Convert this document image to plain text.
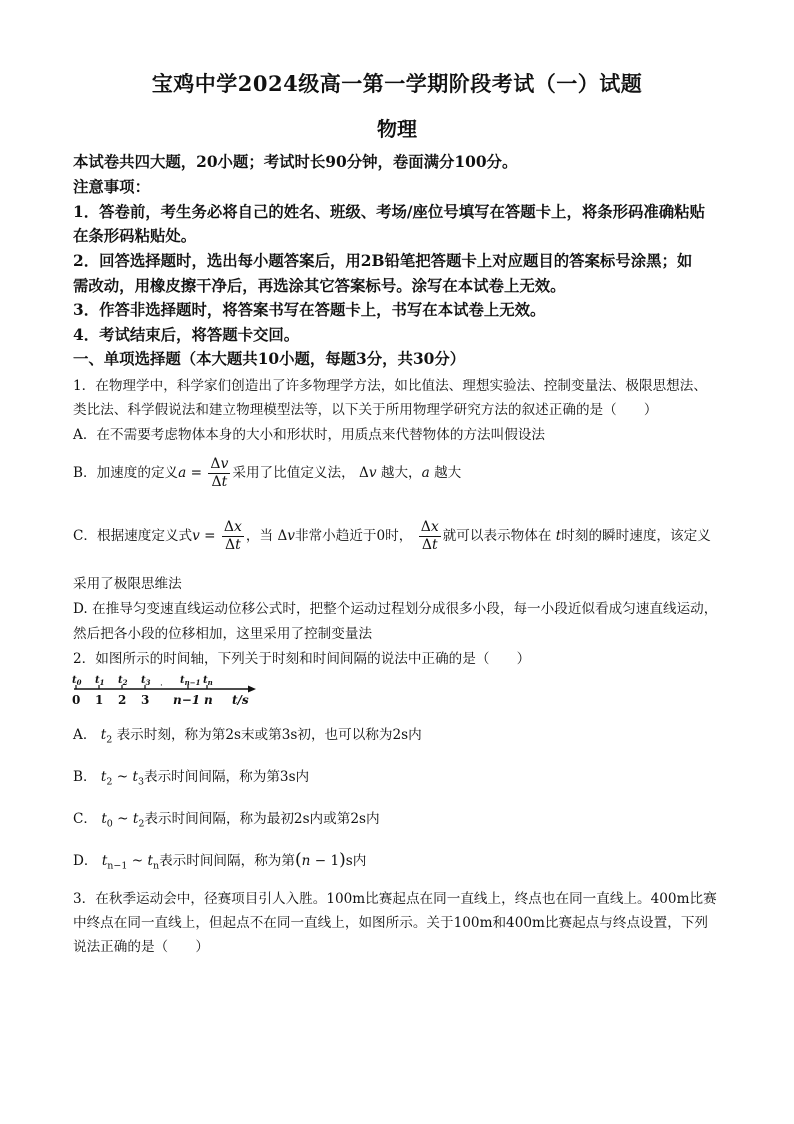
宝鸡中学2024级高一第一学期阶段考试（一）试题
物理
本试卷共四大题，20小题；考试时长90分钟，卷面满分100分。
注意事项：
1．答卷前，考生务必将自己的姓名、班级、考场/座位号填写在答题卡上，将条形码准确粘贴
在条形码粘贴处。
2．回答选择题时，选出每小题答案后，用2B铅笔把答题卡上对应题目的答案标号涂黑；如
需改动，用橡皮擦干净后，再选涂其它答案标号。涂写在本试卷上无效。
3．作答非选择题时，将答案书写在答题卡上，书写在本试卷上无效。
4．考试结束后，将答题卡交回。
一、单项选择题（本大题共10小题，每题3分，共30分）
1．在物理学中，科学家们创造出了许多物理学方法，如比值法、理想实验法、控制变量法、极限思想法、
类比法、科学假说法和建立物理模型法等，以下关于所用物理学研究方法的叙述正确的是（　　）
A．在不需要考虑物体本身的大小和形状时，用质点来代替物体的方法叫假设法
B．加速度的定义$a = \frac{\Delta v}{\Delta t}$ 采用了比值定义法， Δv 越大，a 越大
C．根据速度定义式$v = \frac{\Delta x}{\Delta t}$ ，当 Δv非常小趋近于0时， $\frac{\Delta x}{\Delta t}$ 就可以表示物体在 t时刻的瞬时速度，该定义
采用了极限思维法
D. 在推导匀变速直线运动位移公式时，把整个运动过程划分成很多小段，每一小段近似看成匀速直线运动，
然后把各小段的位移相加，这里采用了控制变量法
2．如图所示的时间轴，下列关于时刻和时间间隔的说法中正确的是（　　）
$t_0$ $t_1$ $t_2$ $t_3$	$t_{n-1}$ $t_n$
·
0 1 2 3 n−1 n t/s
A． $t_2$ 表示时刻，称为第2s末或第3s初，也可以称为2s内
B． $t_2$ ~ $t_3$表示时间间隔，称为第3s内
C． $t_0$ ~ $t_2$表示时间间隔，称为最初2s内或第2s内
D． $t_{n-1}$ ~ $t_n$表示时间间隔，称为第(n − 1)s内
3．在秋季运动会中，径赛项目引人入胜。100m比赛起点在同一直线上，终点也在同一直线上。400m比赛
中终点在同一直线上，但起点不在同一直线上，如图所示。关于100m和400m比赛起点与终点设置，下列
说法正确的是（　　）
